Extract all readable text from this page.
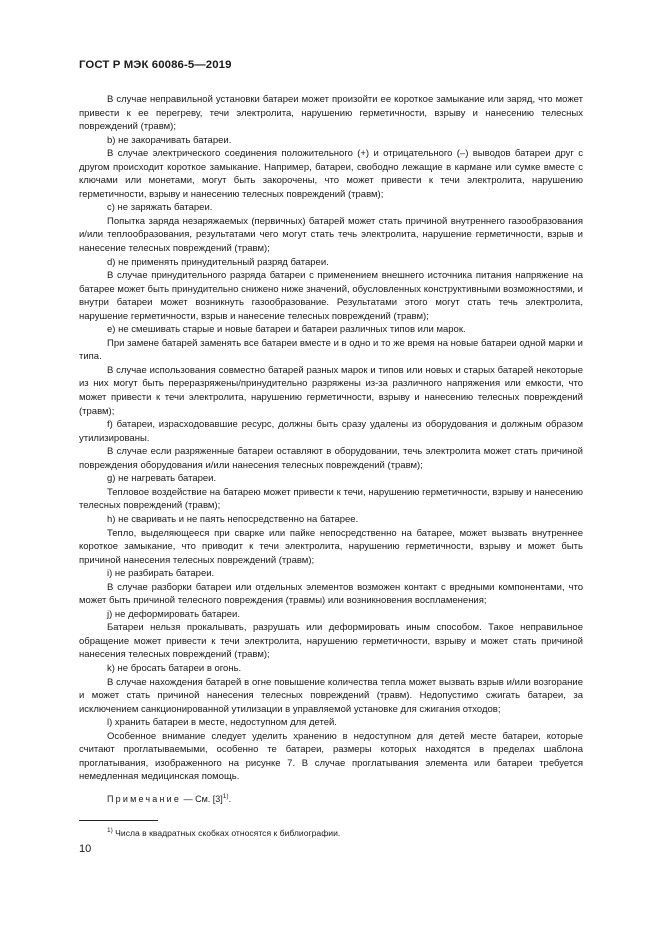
ГОСТ Р МЭК 60086-5—2019

В случае неправильной установки батареи может произойти ее короткое замыкание или заряд, что может привести к ее перегреву, течи электролита, нарушению герметичности, взрыву и нанесению телесных повреждений (травм);

b) не закорачивать батареи.

В случае электрического соединения положительного (+) и отрицательного (–) выводов батареи друг с другом происходит короткое замыкание. Например, батареи, свободно лежащие в кармане или сумке вместе с ключами или монетами, могут быть закорочены, что может привести к течи электролита, нарушению герметичности, взрыву и нанесению телесных повреждений (травм);

c) не заряжать батареи.

Попытка заряда незаряжаемых (первичных) батарей может стать причиной внутреннего газообразования и/или теплообразования, результатами чего могут стать течь электролита, нарушение герметичности, взрыв и нанесение телесных повреждений (травм);

d) не применять принудительный разряд батареи.

В случае принудительного разряда батареи с применением внешнего источника питания напряжение на батарее может быть принудительно снижено ниже значений, обусловленных конструктивными возможностями, и внутри батареи может возникнуть газообразование. Результатами этого могут стать течь электролита, нарушение герметичности, взрыв и нанесение телесных повреждений (травм);

e) не смешивать старые и новые батареи и батареи различных типов или марок.

При замене батарей заменять все батареи вместе и в одно и то же время на новые батареи одной марки и типа.

В случае использования совместно батарей разных марок и типов или новых и старых батарей некоторые из них могут быть переразряжены/принудительно разряжены из-за различного напряжения или емкости, что может привести к течи электролита, нарушению герметичности, взрыву и нанесению телесных повреждений (травм);

f) батареи, израсходовавшие ресурс, должны быть сразу удалены из оборудования и должным образом утилизированы.

В случае если разряженные батареи оставляют в оборудовании, течь электролита может стать причиной повреждения оборудования и/или нанесения телесных повреждений (травм);

g) не нагревать батареи.

Тепловое воздействие на батарею может привести к течи, нарушению герметичности, взрыву и нанесению телесных повреждений (травм);

h) не сваривать и не паять непосредственно на батарее.

Тепло, выделяющееся при сварке или пайке непосредственно на батарее, может вызвать внутреннее короткое замыкание, что приводит к течи электролита, нарушению герметичности, взрыву и может быть причиной нанесения телесных повреждений (травм);

i) не разбирать батареи.

В случае разборки батареи или отдельных элементов возможен контакт с вредными компонентами, что может быть причиной телесного повреждения (травмы) или возникновения воспламенения;

j) не деформировать батареи.

Батареи нельзя прокалывать, разрушать или деформировать иным способом. Такое неправильное обращение может привести к течи электролита, нарушению герметичности, взрыву и может стать причиной нанесения телесных повреждений (травм);

k) не бросать батареи в огонь.

В случае нахождения батарей в огне повышение количества тепла может вызвать взрыв и/или возгорание и может стать причиной нанесения телесных повреждений (травм). Недопустимо сжигать батареи, за исключением санкционированной утилизации в управляемой установке для сжигания отходов;

l) хранить батареи в месте, недоступном для детей.

Особенное внимание следует уделить хранению в недоступном для детей месте батареи, которые считают проглатываемыми, особенно те батареи, размеры которых находятся в пределах шаблона проглатывания, изображенного на рисунке 7. В случае проглатывания элемента или батареи требуется немедленная медицинская помощь.

Примечание — См. $[3]^{1)}$.
$^{1)}$ Числа в квадратных скобках относятся к библиографии.
10
